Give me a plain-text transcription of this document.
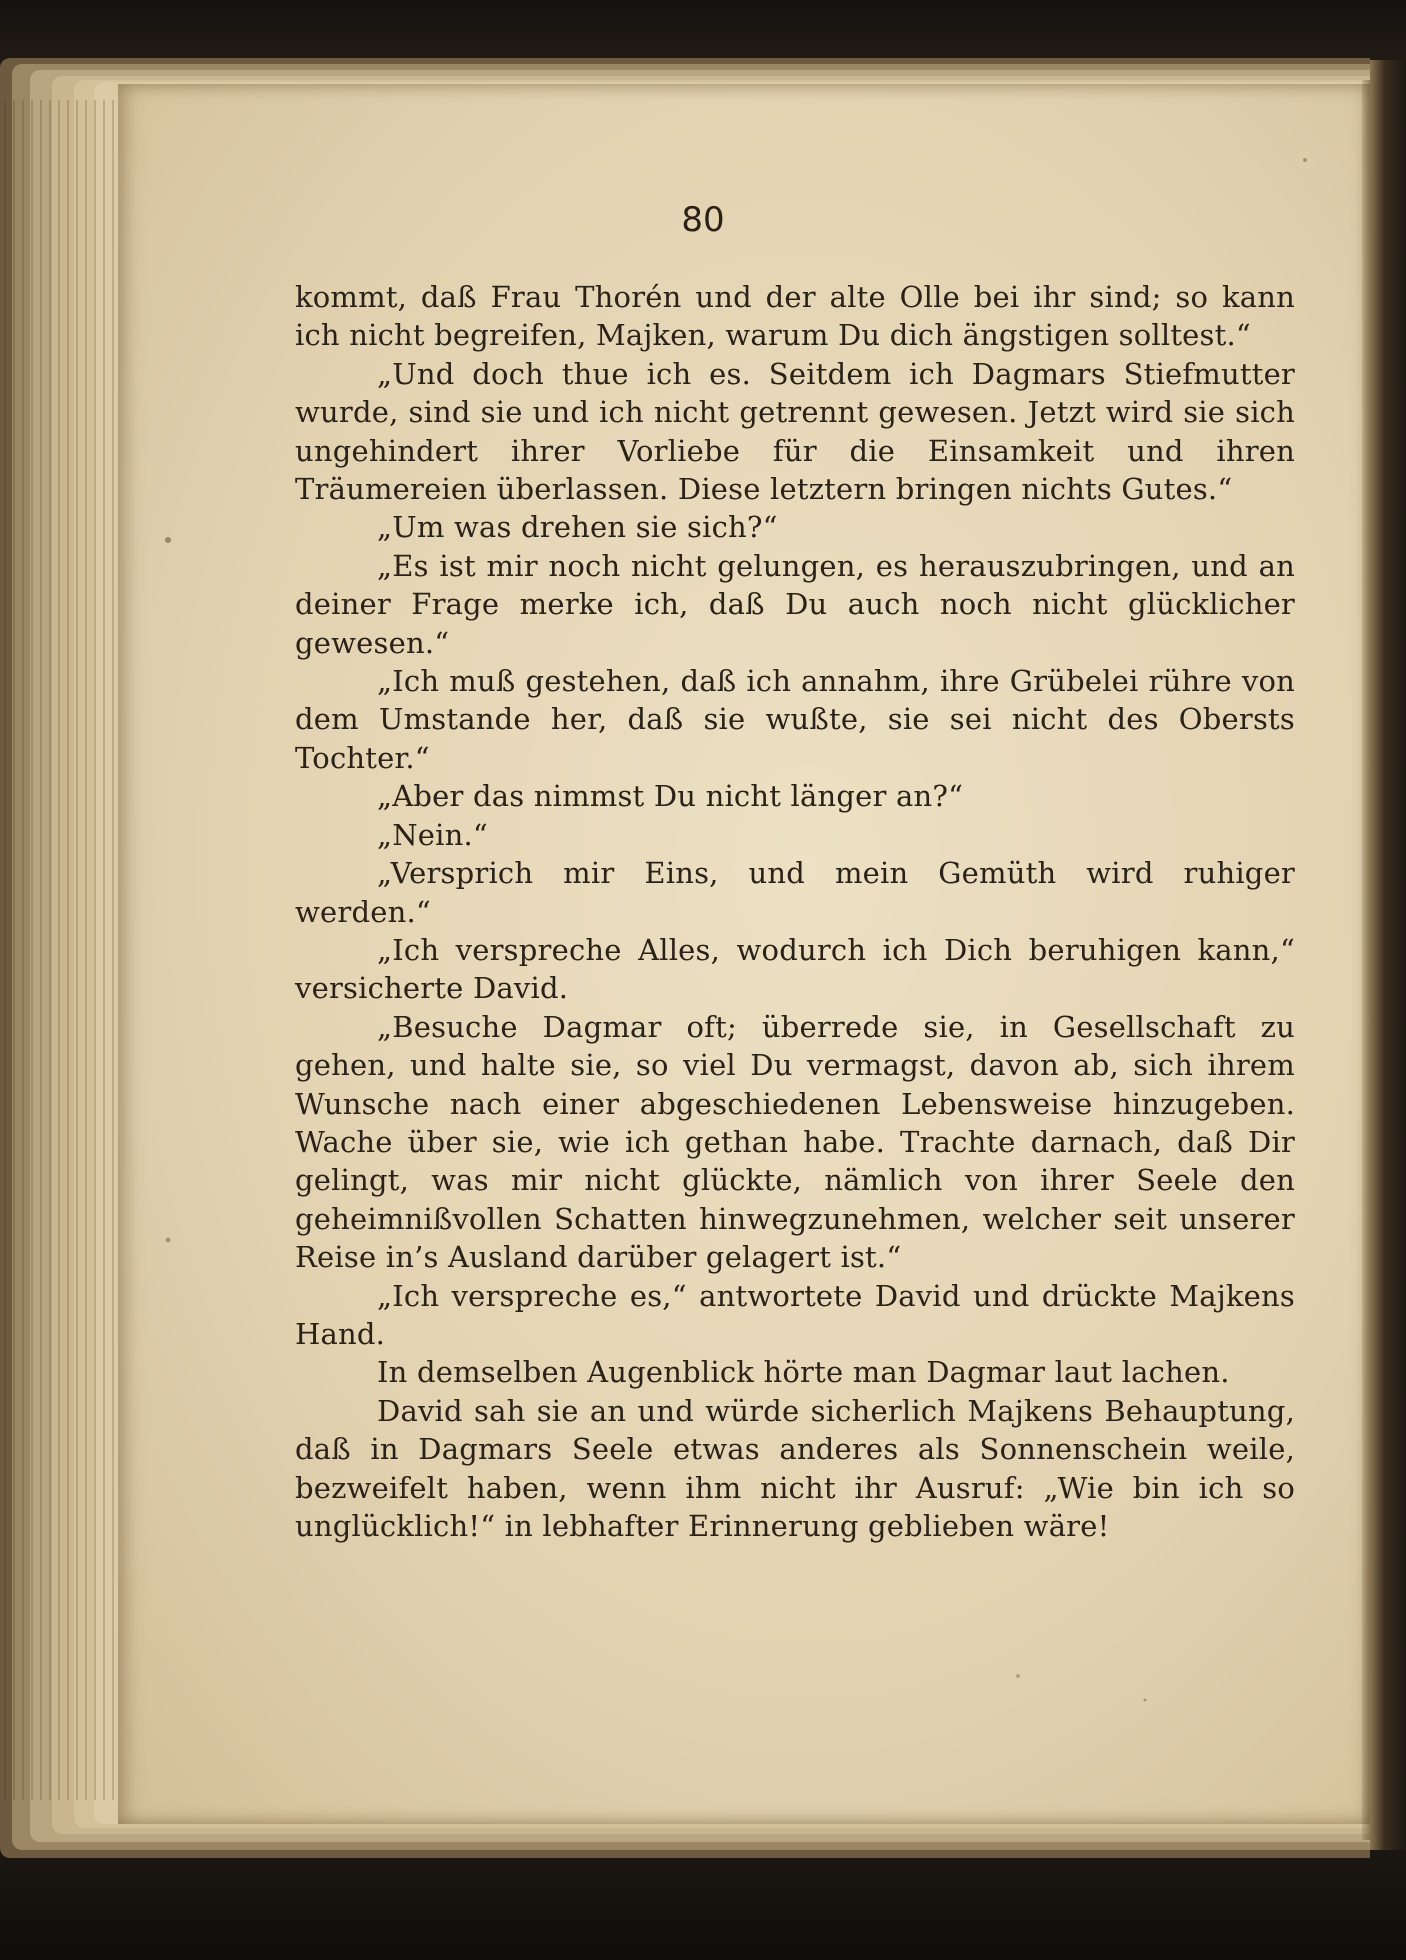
80

kommt, daß Frau Thorén und der alte Olle bei ihr sind; so kann ich nicht begreifen, Majken, warum Du dich ängstigen solltest.“

„Und doch thue ich es. Seitdem ich Dagmars Stiefmutter wurde, sind sie und ich nicht getrennt gewesen. Jetzt wird sie sich ungehindert ihrer Vorliebe für die Einsamkeit und ihren Träumereien überlassen. Diese letztern bringen nichts Gutes.“

„Um was drehen sie sich?“

„Es ist mir noch nicht gelungen, es herauszubringen, und an deiner Frage merke ich, daß Du auch noch nicht glücklicher gewesen.“

„Ich muß gestehen, daß ich annahm, ihre Grübelei rühre von dem Umstande her, daß sie wußte, sie sei nicht des Obersts Tochter.“

„Aber das nimmst Du nicht länger an?“

„Nein.“

„Versprich mir Eins, und mein Gemüth wird ruhiger werden.“

„Ich verspreche Alles, wodurch ich Dich beruhigen kann,“ versicherte David.

„Besuche Dagmar oft; überrede sie, in Gesellschaft zu gehen, und halte sie, so viel Du vermagst, davon ab, sich ihrem Wunsche nach einer abgeschiedenen Lebensweise hinzugeben. Wache über sie, wie ich gethan habe. Trachte darnach, daß Dir gelingt, was mir nicht glückte, nämlich von ihrer Seele den geheimnißvollen Schatten hinwegzunehmen, welcher seit unserer Reise in’s Ausland darüber gelagert ist.“

„Ich verspreche es,“ antwortete David und drückte Majkens Hand.

In demselben Augenblick hörte man Dagmar laut lachen.

David sah sie an und würde sicherlich Majkens Behauptung, daß in Dagmars Seele etwas anderes als Sonnenschein weile, bezweifelt haben, wenn ihm nicht ihr Ausruf: „Wie bin ich so unglücklich!“ in lebhafter Erinnerung geblieben wäre!
